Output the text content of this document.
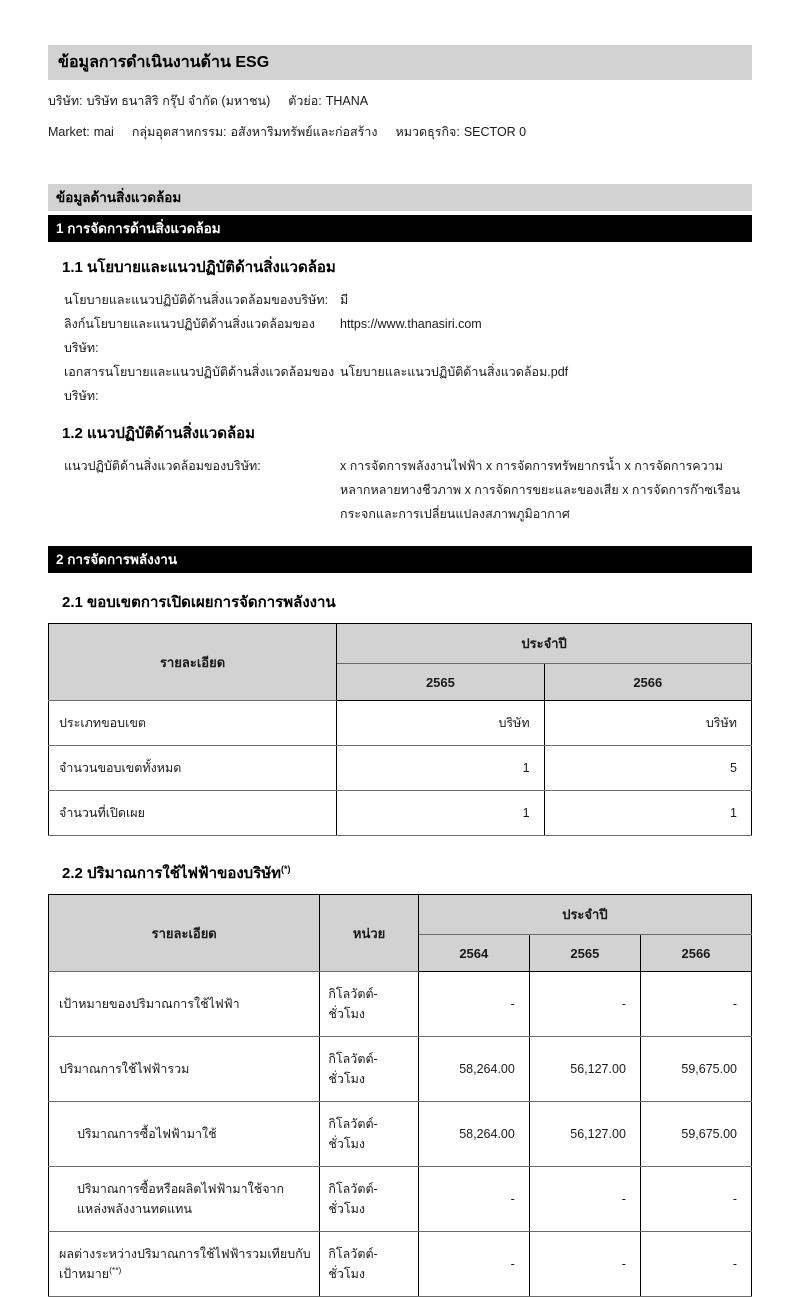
ข้อมูลการดำเนินงานด้าน ESG
บริษัท: บริษัท ธนาสิริ กรุ๊ป จำกัด (มหาชน) ตัวย่อ: THANA
Market: mai กลุ่มอุตสาหกรรม: อสังหาริมทรัพย์และก่อสร้าง หมวดธุรกิจ: SECTOR 0
ข้อมูลด้านสิ่งแวดล้อม
1 การจัดการด้านสิ่งแวดล้อม
1.1 นโยบายและแนวปฏิบัติด้านสิ่งแวดล้อม
นโยบายและแนวปฏิบัติด้านสิ่งแวดล้อมของบริษัท: มี
ลิงก์นโยบายและแนวปฏิบัติด้านสิ่งแวดล้อมของบริษัท:
https://www.thanasiri.com
เอกสารนโยบายและแนวปฏิบัติด้านสิ่งแวดล้อมของบริษัท:
นโยบายและแนวปฏิบัติด้านสิ่งแวดล้อม.pdf
1.2 แนวปฏิบัติด้านสิ่งแวดล้อม
แนวปฏิบัติด้านสิ่งแวดล้อมของบริษัท:	x การจัดการพลังงานไฟฟ้า x การจัดการทรัพยากรน้ำ x การจัดการความหลากหลายทางชีวภาพ x การจัดการขยะและของเสีย x การจัดการก๊าซเรือนกระจกและการเปลี่ยนแปลงสภาพภูมิอากาศ
2 การจัดการพลังงาน
2.1 ขอบเขตการเปิดเผยการจัดการพลังงาน
รายละเอียด	ประจำปี	
	2565	2566
ประเภทขอบเขต	บริษัท	บริษัท
จำนวนขอบเขตทั้งหมด	1	5
จำนวนที่เปิดเผย	1	1
2.2 ปริมาณการใช้ไฟฟ้าของบริษัท(*)
รายละเอียด	หน่วย	ประจำปี		
		2564	2565	2566
เป้าหมายของปริมาณการใช้ไฟฟ้า	กิโลวัตต์-ชั่วโมง	-	-	-
ปริมาณการใช้ไฟฟ้ารวม	กิโลวัตต์-ชั่วโมง	58,264.00	56,127.00	59,675.00
ปริมาณการซื้อไฟฟ้ามาใช้	กิโลวัตต์-ชั่วโมง	58,264.00	56,127.00	59,675.00
ปริมาณการซื้อหรือผลิตไฟฟ้ามาใช้จากแหล่งพลังงานทดแทน	กิโลวัตต์-ชั่วโมง	-	-	-
ผลต่างระหว่างปริมาณการใช้ไฟฟ้ารวมเทียบกับเป้าหมาย(**)	กิโลวัตต์-ชั่วโมง	-	-	-
